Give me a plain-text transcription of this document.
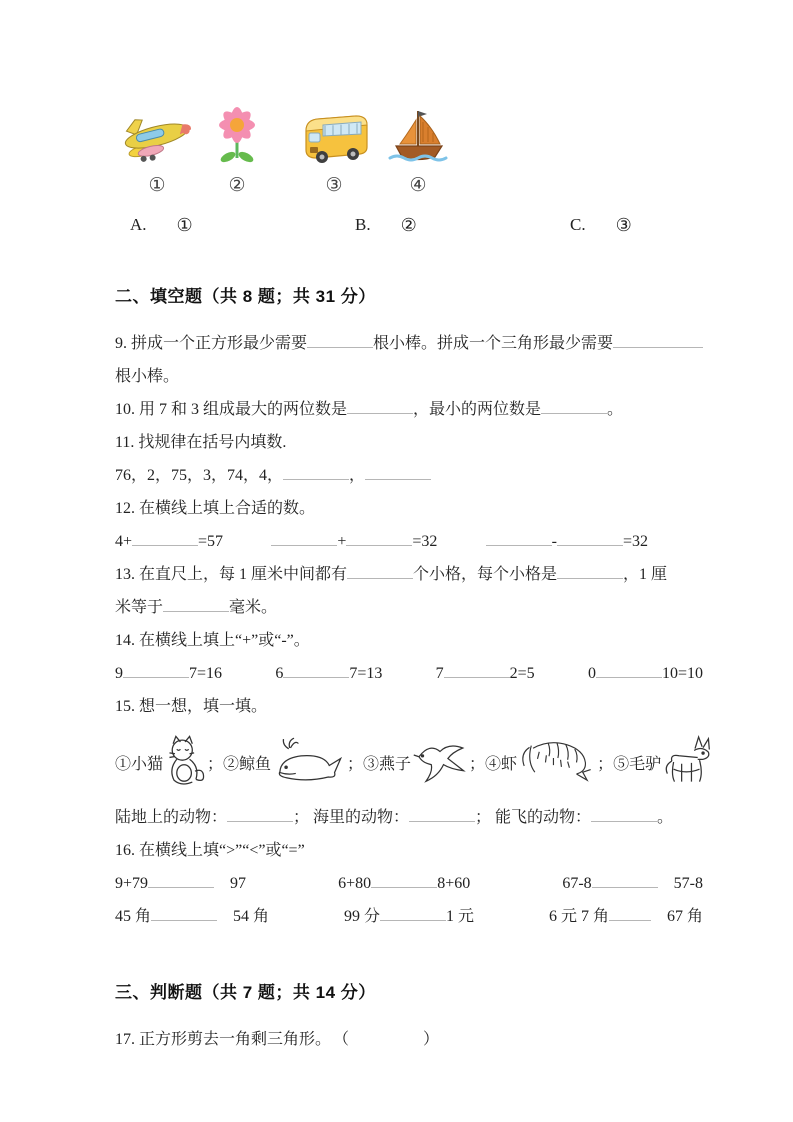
①	②	③	④
A. ①	B. ②	C. ③
二、填空题（共 8 题；共 31 分）
9. 拼成一个正方形最少需要	根小棒。拼成一个三角形最少需要

根小棒。

10. 用 7 和 3 组成最大的两位数是	，最小的两位数是	。

11. 找规律在括号内填数.

76，2，75，3，74，4，	，

12. 在横线上填上合适的数。

4+	=57	+	=32	-	=32
13. 在直尺上，每 1 厘米中间都有	个小格，每个小格是	，1 厘

米等于	毫米。

14. 在横线上填上“+”或“-”。

9	7=16	6	7=13	7	2=5	0	10=10

15. 想一想，填一填。

①小猫	；②鲸鱼	；③燕子	；④虾	；⑤毛驴

陆地上的动物：	； 海里的动物：	； 能飞的动物：	。

16. 在横线上填“>”“<”或“=”

9+79	97	6+80	8+60	67-8	57-8
45 角	54 角	99 分	1 元	6 元 7 角	67 角
三、判断题（共 7 题；共 14 分）

17. 正方形剪去一角剩三角形。 （　　　　）
